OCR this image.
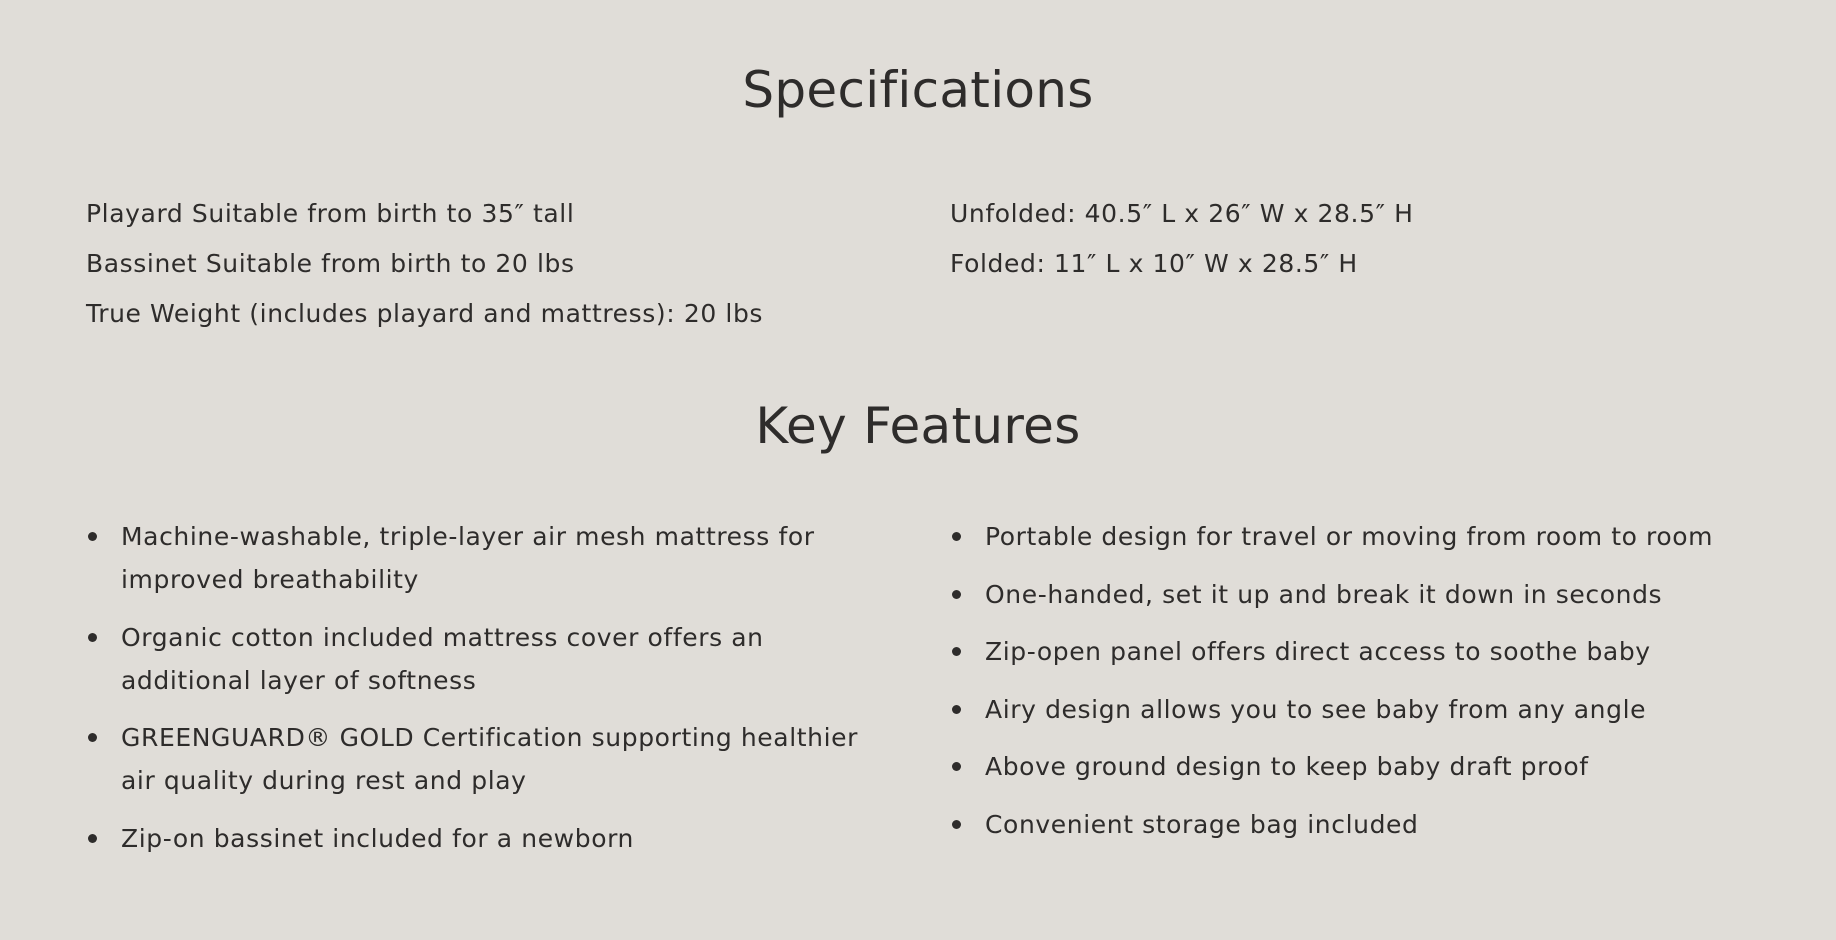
Specifications
Playard Suitable from birth to 35″ tall
Bassinet Suitable from birth to 20 lbs
True Weight (includes playard and mattress): 20 lbs
Unfolded: 40.5″ L x 26″ W x 28.5″ H
Folded: 11″ L x 10″ W x 28.5″ H
Key Features
Machine-washable, triple-layer air mesh mattress for improved breathability
Organic cotton included mattress cover offers an additional layer of softness
GREENGUARD® GOLD Certification supporting healthier air quality during rest and play
Zip-on bassinet included for a newborn
Portable design for travel or moving from room to room
One-handed, set it up and break it down in seconds
Zip-open panel offers direct access to soothe baby
Airy design allows you to see baby from any angle
Above ground design to keep baby draft proof
Convenient storage bag included
